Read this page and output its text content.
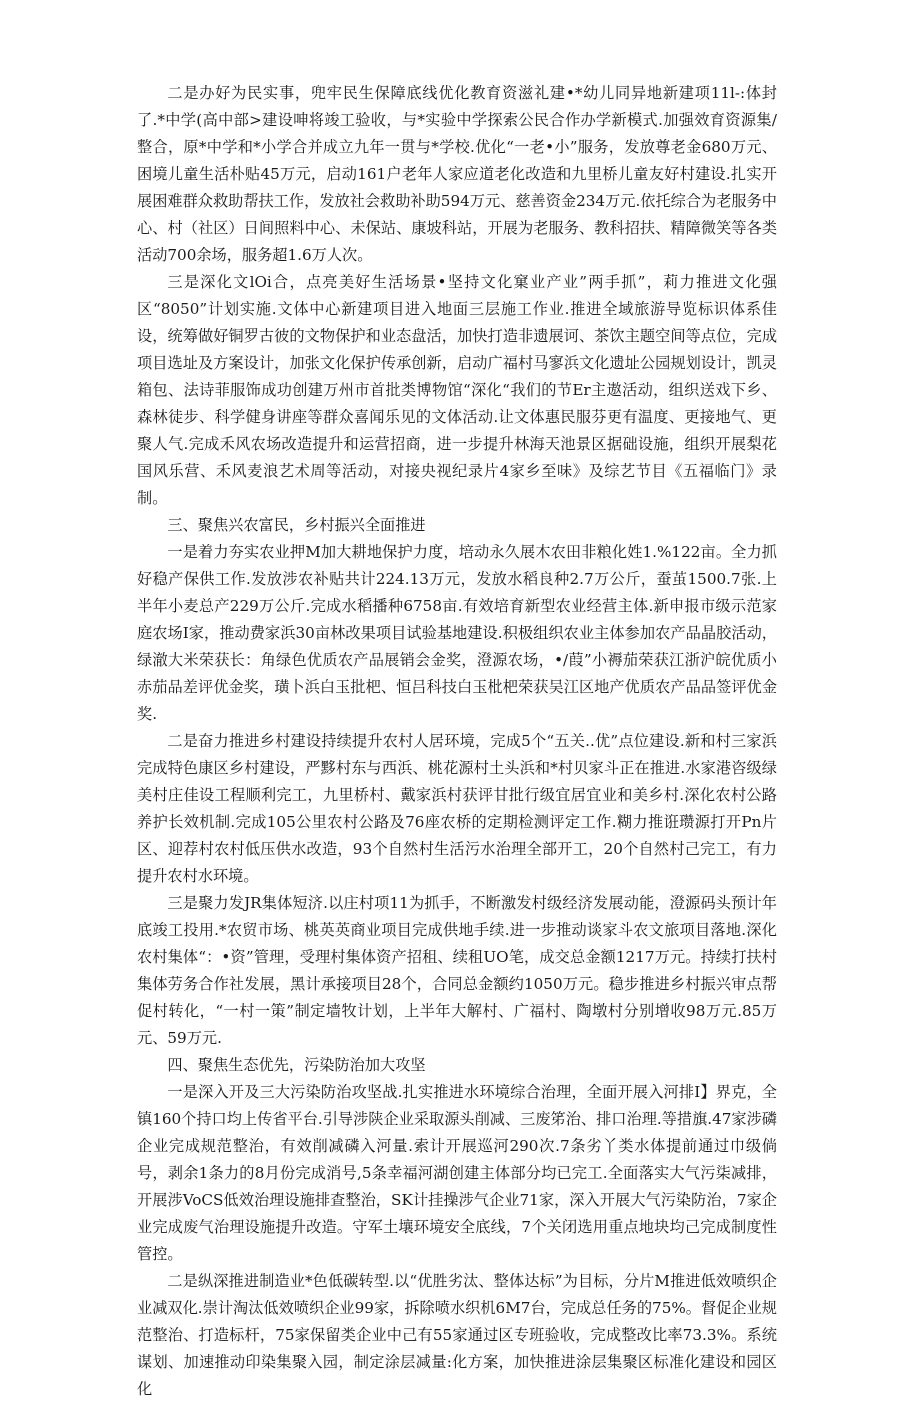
二是办好为民实事，兜牢民生保障底线优化教育资滋礼建•*幼儿同异地新建项11l-:体封了.*中学(高中部>建设呻将竣工验收，与*实验中学探索公民合作办学新模式.加强效育资源集/整合，原*中学和*小学合并成立九年一贯与*学校.优化“一老•小”服务，发放尊老金680万元、困境儿童生活朴贴45万元，启动161户老年人家应道老化改造和九里桥儿童友好村建设.扎实开展困难群众救助帮扶工作，发放社会救助补助594万元、慈善资金234万元.依托综合为老服务中心、村（社区）日间照料中心、未保站、康坡科站，开展为老服务、教科招扶、精障微笑等各类活动700余场，服务超1.6万人次。

三是深化文lOi合，点亮美好生活场景•坚持文化窠业产业”两手抓”，莉力推进文化强区“8050”计划实施.文体中心新建项目进入地面三层施工作业.推进全域旅游导览标识体系佳设，统筹做好铜罗古彼的文物保护和业态盘活，加快打造非遗展诃、茶饮主题空间等点位，完成项目选址及方案设计，加张文化保护传承创新，启动广福村马寥浜文化遗址公园规划设计，凯灵箱包、法诗菲服饰成功创建万州市首批类博物馆“深化“我们的节Er主遨活动，组织送戏下乡、森林徒步、科学健身讲座等群众喜闻乐见的文体活动.让文体惠民服芬更有温度、更接地气、更聚人气.完成禾风农场改造提升和运营招商，进一步提升林海天池景区据础设施，组织开展梨花国风乐营、禾风麦浪艺术周等活动，对接央视纪录片4家乡至味》及综艺节目《五福临门》录制。

三、聚焦兴农富民，乡村振兴全面推进

一是着力夯实农业押M加大耕地保护力度，培动永久展木农田非粮化姓1.%122亩。全力抓好稳产保供工作.发放涉农补贴共计224.13万元，发放水稻良种2.7万公斤，蚕茧1500.7张.上半年小麦总产229万公斤.完成水稻播种6758亩.有效培育新型农业经营主体.新申报市级示范家庭农场I家，推动费家浜30亩林改果项目试验基地建设.积极组织农业主体参加农产品晶胶活动，绿澈大米荣获长：角绿色优质农产品展销会金奖，澄源农场，•/葭”小褥茄荣获江浙沪皖优质小赤茄品差评优金奖，璜卜浜白玉批杷、恒吕科技白玉枇杷荣获吴江区地产优质农产品品签评优金奖.

二是奋力推进乡村建设持续提升农村人居环境，完成5个“五关..优”点位建设.新和村三家浜完成特色康区乡村建设，严黟村东与西浜、桃花源村土头浜和*村贝家斗正在推进.水家港咨级绿美村庄佳设工程顺利完工，九里桥村、戴家浜村获评甘批行级宜居宜业和美乡村.深化农村公路养护长效机制.完成105公里农村公路及76座农桥的定期检测评定工作.糊力推诳瓒源打开Pn片区、迎荐村农村低压供水改造，93个自然村生活污水治理全部开工，20个自然村己完工，有力提升农村水环境。

三是聚力发JR集体短济.以庄村项11为抓手，不断激发村级经济发展动能，澄源码头预计年底竣工投用.*农贸市场、桃英英商业项目完成供地手续.进一步推动谈家斗农文旅项目落地.深化农村集体“：•资”管理，受理村集体资产招租、续租UO笔，成交总金额1217万元。持续打扶村集体劳务合作社发展，黑计承接项目28个，合同总金额约1050万元。稳步推进乡村振兴审点帮促村转化，“一村一策”制定墙牧计划，上半年大解村、广福村、陶墩村分别增收98万元.85万元、59万元.

四、聚焦生态优先，污染防治加大攻坚

一是深入开及三大污染防治攻坚战.扎实推进水环境综合治理，全面开展入河排I】界克，全镇160个持口均上传省平台.引导涉陕企业采取源头削减、三废笫治、排口治理.等措旗.47家涉磷企业完成规范整治，有效削减磷入河量.索计开展巡河290次.7条劣丫类水体提前通过巾级倘号，剥余1条力的8月份完成消号,5条幸福河湖创建主体部分均已完工.全面落实大气污柒减排，开展涉VoCS低效治理设施排查整治，SK计挂操涉气企业71家，深入开展大气污染防治，7家企业完成废气治理设施提升改造。守军土壤环境安全底线，7个关闭选用重点地块均己完成制度性管控。

二是纵深推进制造业*色低碳转型.以“优胜劣汰、整体达标”为目标，分片M推进低效喷织企业减双化.崇计淘汰低效喷织企业99家，拆除喷水织机6M7台，完成总任务的75%。督促企业规范整治、打造标杆，75家保留类企业中己有55家通过区专班验收，完成整改比率73.3%。系统谋划、加速推动印染集聚入园，制定涂层减量:化方案，加快推进涂层集聚区标准化建设和园区化
